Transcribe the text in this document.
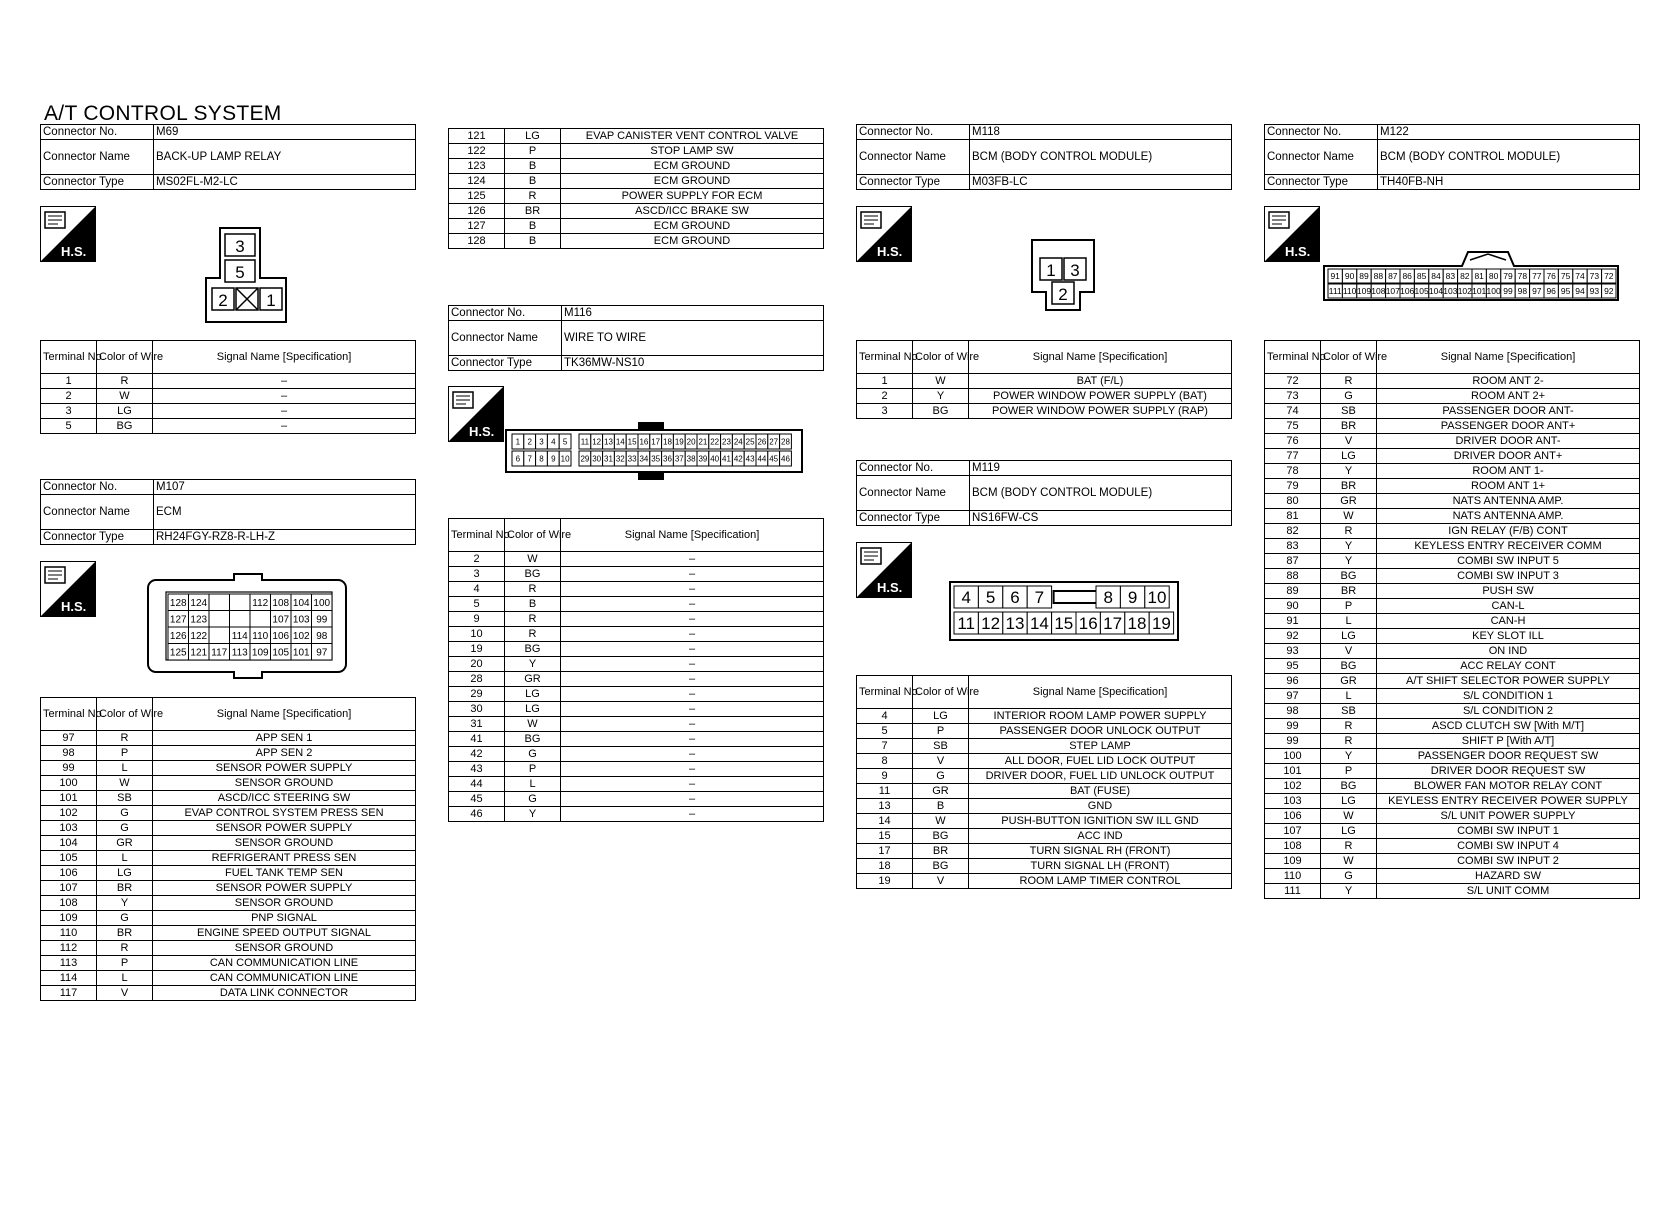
A/T CONTROL SYSTEM
Connector No.	M69
Connector Name	BACK-UP LAMP RELAY
Connector Type	MS02FL-M2-LC
H.S.	3
5
2 1
Terminal No.	Color of Wire	Signal Name [Specification]
1	R	–
2	W	–
3	LG	–
5	BG	–
Connector No.	M107
Connector Name	ECM
Connector Type	RH24FGY-RZ8-R-LH-Z
H.S.	128 124	112 108 104 100
127 123	107 103 99
126 122 114 110 106 102 98
125 121 117 113 109 105 101 97
Terminal No.	Color of Wire	Signal Name [Specification]
97	R	APP SEN 1
98	P	APP SEN 2
99	L	SENSOR POWER SUPPLY
100	W	SENSOR GROUND
101	SB	ASCD/ICC STEERING SW
102	G	EVAP CONTROL SYSTEM PRESS SEN
103	G	SENSOR POWER SUPPLY
104	GR	SENSOR GROUND
105	L	REFRIGERANT PRESS SEN
106	LG	FUEL TANK TEMP SEN
107	BR	SENSOR POWER SUPPLY
108	Y	SENSOR GROUND
109	G	PNP SIGNAL
110	BR	ENGINE SPEED OUTPUT SIGNAL
112	R	SENSOR GROUND
113	P	CAN COMMUNICATION LINE
114	L	CAN COMMUNICATION LINE
117	V	DATA LINK CONNECTOR
121	LG	EVAP CANISTER VENT CONTROL VALVE
122	P	STOP LAMP SW
123	B	ECM GROUND
124	B	ECM GROUND
125	R	POWER SUPPLY FOR ECM
126	BR	ASCD/ICC BRAKE SW
127	B	ECM GROUND
128	B	ECM GROUND
Connector No.	M116
Connector Name	WIRE TO WIRE
Connector Type	TK36MW-NS10
H.S.
1 2 3 4 5 11 12 13 14 15 16 17 18 19 20 21 22 23 24 25 26 27 28
6 7 8 9 10 29 30 31 32 33 34 35 36 37 38 39 40 41 42 43 44 45 46
Terminal No.	Color of Wire	Signal Name [Specification]
2	W	–
3	BG	–
4	R	–
5	B	–
9	R	–
10	R	–
19	BG	–
20	Y	–
28	GR	–
29	LG	–
30	LG	–
31	W	–
41	BG	–
42	G	–
43	P	–
44	L	–
45	G	–
46	Y	–
Connector No.	M118
Connector Name	BCM (BODY CONTROL MODULE)
Connector Type	M03FB-LC
H.S.
1 3
2
Terminal No.	Color of Wire	Signal Name [Specification]
1	W	BAT (F/L)
2	Y	POWER WINDOW POWER SUPPLY (BAT)
3	BG	POWER WINDOW POWER SUPPLY (RAP)
Connector No.	M119
Connector Name	BCM (BODY CONTROL MODULE)
Connector Type	NS16FW-CS
H.S.
4 5 6 7	8 9 10
11 12 13 14 15 16 17 18 19
Terminal No.	Color of Wire	Signal Name [Specification]
4	LG	INTERIOR ROOM LAMP POWER SUPPLY
5	P	PASSENGER DOOR UNLOCK OUTPUT
7	SB	STEP LAMP
8	V	ALL DOOR, FUEL LID LOCK OUTPUT
9	G	DRIVER DOOR, FUEL LID UNLOCK OUTPUT
11	GR	BAT (FUSE)
13	B	GND
14	W	PUSH-BUTTON IGNITION SW ILL GND
15	BG	ACC IND
17	BR	TURN SIGNAL RH (FRONT)
18	BG	TURN SIGNAL LH (FRONT)
19	V	ROOM LAMP TIMER CONTROL
Connector No.	M122
Connector Name	BCM (BODY CONTROL MODULE)
Connector Type	TH40FB-NH
H.S.
91 90 89 88 87 86 85 84 83 82 81 80 79 78 77 76 75 74 73 72
111 110 109 108 107 106 105 104 103 102 101 100 99 98 97 96 95 94 93 92
Terminal No.	Color of Wire	Signal Name [Specification]
72	R	ROOM ANT 2-
73	G	ROOM ANT 2+
74	SB	PASSENGER DOOR ANT-
75	BR	PASSENGER DOOR ANT+
76	V	DRIVER DOOR ANT-
77	LG	DRIVER DOOR ANT+
78	Y	ROOM ANT 1-
79	BR	ROOM ANT 1+
80	GR	NATS ANTENNA AMP.
81	W	NATS ANTENNA AMP.
82	R	IGN RELAY (F/B) CONT
83	Y	KEYLESS ENTRY RECEIVER COMM
87	Y	COMBI SW INPUT 5
88	BG	COMBI SW INPUT 3
89	BR	PUSH SW
90	P	CAN-L
91	L	CAN-H
92	LG	KEY SLOT ILL
93	V	ON IND
95	BG	ACC RELAY CONT
96	GR	A/T SHIFT SELECTOR POWER SUPPLY
97	L	S/L CONDITION 1
98	SB	S/L CONDITION 2
99	R	ASCD CLUTCH SW [With M/T]
99	R	SHIFT P [With A/T]
100	Y	PASSENGER DOOR REQUEST SW
101	P	DRIVER DOOR REQUEST SW
102	BG	BLOWER FAN MOTOR RELAY CONT
103	LG	KEYLESS ENTRY RECEIVER POWER SUPPLY
106	W	S/L UNIT POWER SUPPLY
107	LG	COMBI SW INPUT 1
108	R	COMBI SW INPUT 4
109	W	COMBI SW INPUT 2
110	G	HAZARD SW
111	Y	S/L UNIT COMM
